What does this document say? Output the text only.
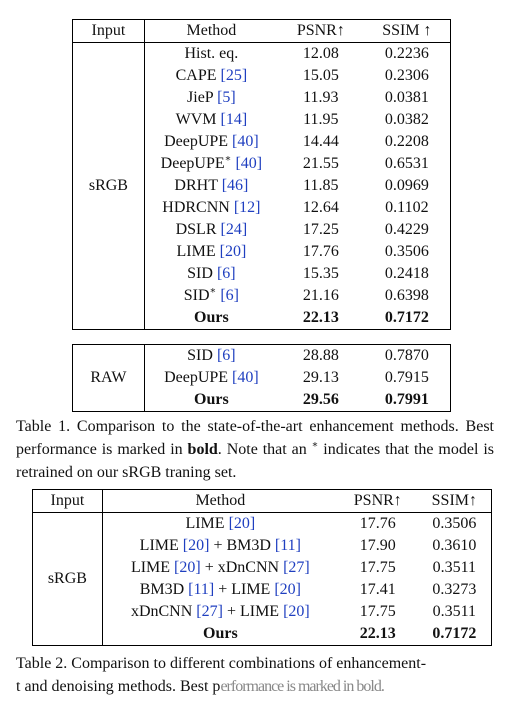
Input	Method	PSNR↑	SSIM ↑
sRGB	Hist. eq.	12.08	0.2236
	CAPE [25]	15.05	0.2306
	JieP [5]	11.93	0.0381
	WVM [14]	11.95	0.0382
	DeepUPE [40]	14.44	0.2208
	DeepUPE∗ [40]	21.55	0.6531
	DRHT [46]	11.85	0.0969
	HDRCNN [12]	12.64	0.1102
	DSLR [24]	17.25	0.4229
	LIME [20]	17.76	0.3506
	SID [6]	15.35	0.2418
	SID∗ [6]	21.16	0.6398
	Ours	22.13	0.7172
RAW	SID [6]	28.88	0.7870
	DeepUPE [40]	29.13	0.7915
	Ours	29.56	0.7991
Table 1. Comparison to the state-of-the-art enhancement methods. Best performance is marked in bold. Note that an ∗ indicates that the model is retrained on our sRGB traning set.
Input	Method	PSNR↑	SSIM↑
sRGB	LIME [20]	17.76	0.3506
	LIME [20] + BM3D [11]	17.90	0.3610
	LIME [20] + xDnCNN [27]	17.75	0.3511
	BM3D [11] + LIME [20]	17.41	0.3273
	xDnCNN [27] + LIME [20]	17.75	0.3511
	Ours	22.13	0.7172
Table 2. Comparison to different combinations of enhancement-
t and denoising methods. Best performance is marked in bold.
